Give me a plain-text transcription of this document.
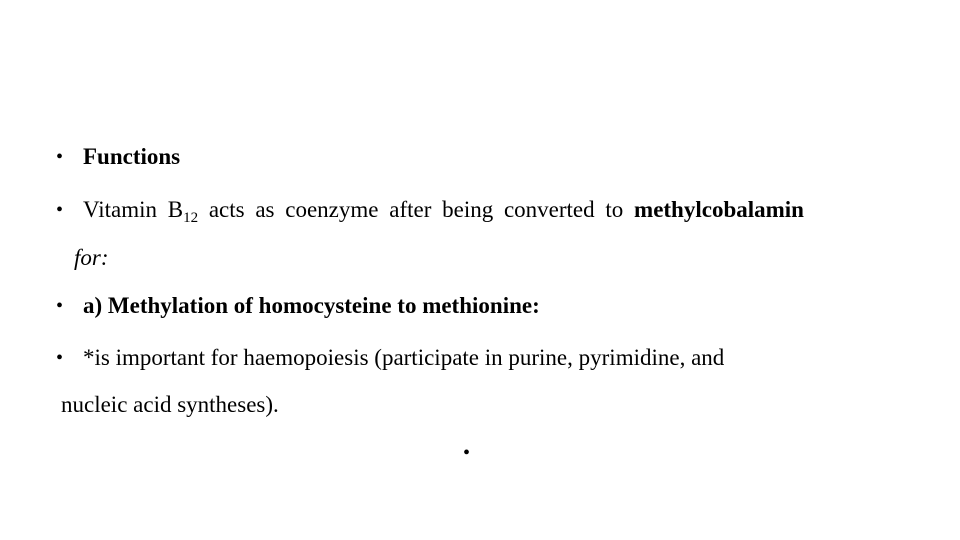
• Functions
• Vitamin $B_{12}$ acts as coenzyme after being converted to methylcobalamin
for:
• a) Methylation of homocysteine to methionine:
• *is important for haemopoiesis (participate in purine, pyrimidine, and
nucleic acid syntheses).
•
